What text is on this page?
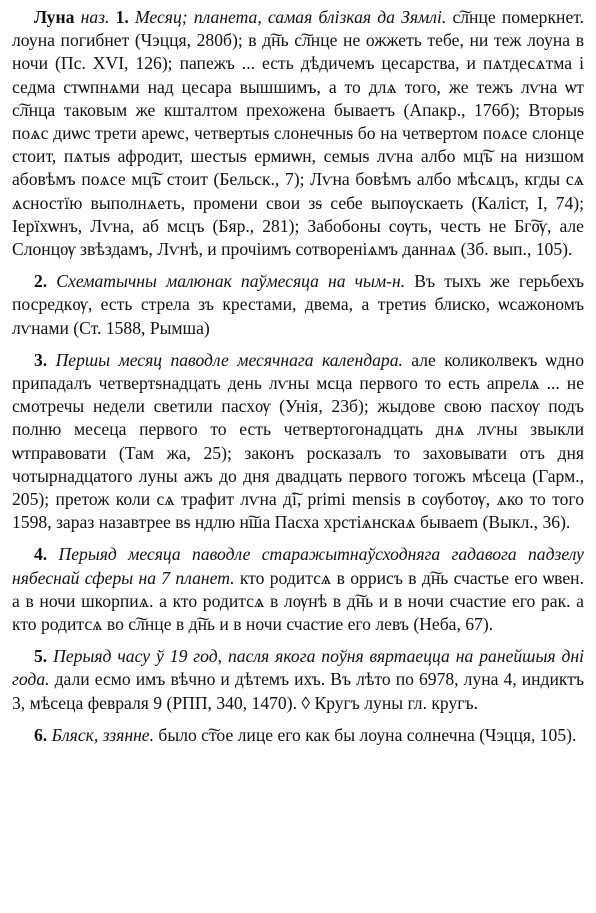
Луна наз. 1. Месяц; планета, самая блізкая да Зямлі. с͠лнце померкнет. лоуна погибнет (Чэцця, 280б); в д͠нь с͠лнце не ожжеть тебе, ни теж лоуна в ночи (Пс. XVI, 126); папежъ ... есть дѣдичемъ цесарства, и пѧтдесѧтма і седма стѡпнѧми над цесара вышшимъ, а то длѧ того, же тежъ лѵна ѡт с͠лнца таковым же кшталтом прехожена бываетъ (Апакр., 176б); Вторыᵴ поѧс диѡс трети ареѡс, четвертыᵴ слонечныᵴ бо на четвертом поѧсе слонце стоит, пѧтыᵴ афродит, шестыᵴ ермиѡн, семыᵴ лѵна албо мц͠ъ на низшом абовѣмъ поѧсе мц͠ъ стоит (Бельск., 7); Лѵна бовѣмъ албо мѣсѧцъ, кгды сѧ ѧсностїю выполнѧеть, промени свои зᵴ себе выпѹскаеть (Каліст, І, 74); Іерїхѡнъ, Лѵна, аб мсцъ (Бяр., 281); Забобоны сѹть, честь не Бг͠ѹ, але Слонцѹ звѣздамъ, Лѵнѣ, и прочіимъ сотвореніѧмъ даннаѧ (Зб. вып., 105).

2. Схематычны малюнак паўмесяца на чым-н. Въ тыхъ же герьбехъ посредкѹ, есть стрела зъ крестами, двема, а третиᵴ блиско, ѡсажономъ лѵнами (Ст. 1588, Рымша)

3. Першы месяц паводле месячнага календара. але коликолвекъ ѡдно припадалъ четвертᵴнадцать день лѵны мсца первого то есть апрелѧ ... не смотречы недели светили пасхѹ (Унія, 23б); жыдове свою пасхѹ подъ полню месеца первого то есть четвертогонадцать днѧ лѵны звыкли ѡтправовати (Там жа, 25); законъ росказалъ то заховывати отъ дня чотырнадцатого луны ажъ до дня двадцать первого тогожъ мѣсеца (Гарм., 205); претож коли сѧ трафит лѵна д͠і, primi mensis в сѹботѹ, ѧко то того 1598, зараз назавтрее вᵴ ндлю н͠ша Пасха хрстіѧнскаѧ бываеm (Выкл., 36).

4. Перыяд месяца паводле старажытнаўсходняга гадавога падзелу нябеснай сферы на 7 планет. кто родитсѧ в оррисъ в д͠нь счастье его ѡвен. а в ночи шкорпиѧ. а кто родитсѧ в лѹнѣ в д͠нь и в ночи счастие его рак. а кто родитсѧ во с͠лнце в д͠нь и в ночи счастие его левъ (Неба, 67).

5. Перыяд часу ў 19 год, пасля якога поўня вяртаецца на ранейшыя дні года. дали есмо имъ вѣчно и дѣтемъ ихъ. Въ лѣто по 6978, луна 4, индиктъ 3, мѣсеца февраля 9 (РПП, 340, 1470). ◊ Кругъ луны гл. кругъ.

6. Бляск, ззянне. было с͠тое лице его как бы лоуна солнечна (Чэцця, 105).
